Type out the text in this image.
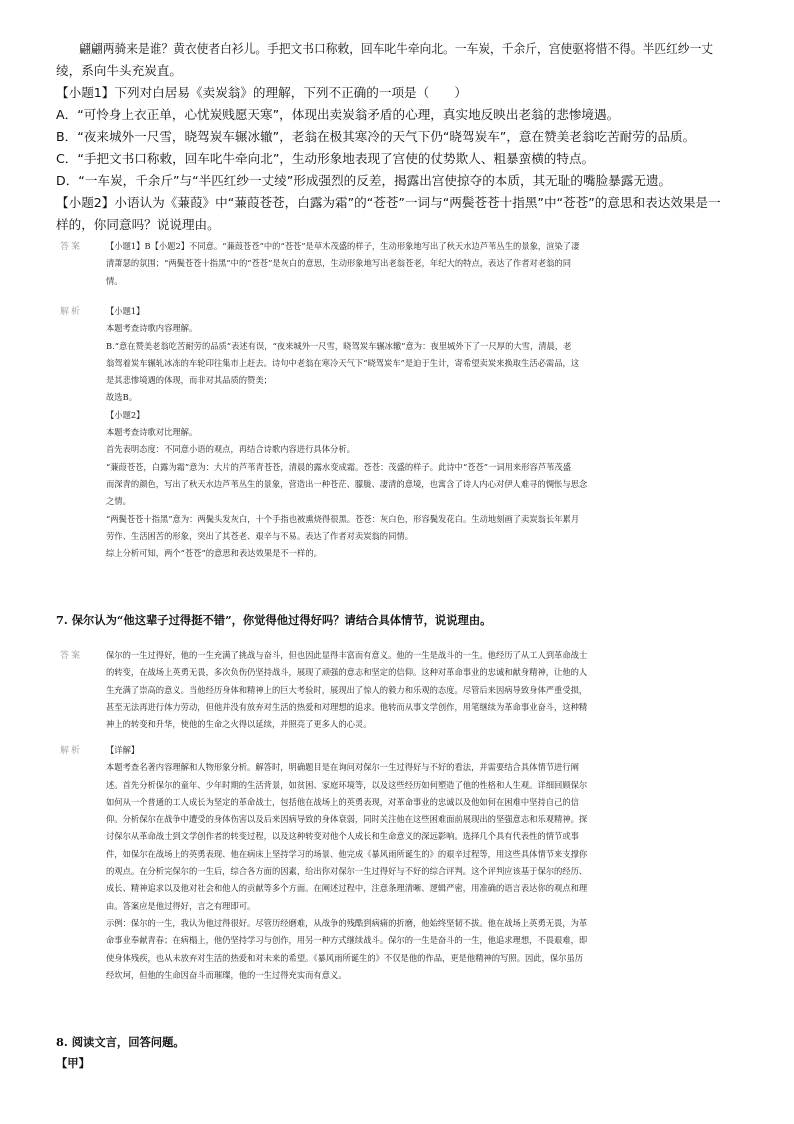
翩翩两骑来是谁？黄衣使者白衫儿。手把文书口称敕，回车叱牛牵向北。一车炭，千余斤，宫使驱将惜不得。半匹红纱一丈
绫，系向牛头充炭直。
【小题1】下列对白居易《卖炭翁》的理解，下列不正确的一项是（　　）
A．“可怜身上衣正单，心忧炭贱愿天寒”，体现出卖炭翁矛盾的心理，真实地反映出老翁的悲惨境遇。
B．“夜来城外一尺雪，晓驾炭车辗冰辙”，老翁在极其寒冷的天气下仍“晓驾炭车”，意在赞美老翁吃苦耐劳的品质。
C．“手把文书口称敕，回车叱牛牵向北”，生动形象地表现了宫使的仗势欺人、粗暴蛮横的特点。
D．“一车炭，千余斤”与“半匹红纱一丈绫”形成强烈的反差，揭露出宫使掠夺的本质，其无耻的嘴脸暴露无遗。
【小题2】小语认为《蒹葭》中“蒹葭苍苍，白露为霜”的“苍苍”一词与“两鬓苍苍十指黑”中“苍苍”的意思和表达效果是一
样的，你同意吗？说说理由。
答案	【小题1】B【小题2】不同意。“蒹葭苍苍”中的“苍苍”是草木茂盛的样子，生动形象地写出了秋天水边芦苇丛生的景象，渲染了凄
清萧瑟的氛围；“两鬓苍苍十指黑”中的“苍苍”是灰白的意思，生动形象地写出老翁苍老，年纪大的特点，表达了作者对老翁的同
情。
解析	【小题1】
本题考查诗歌内容理解。
B.“意在赞美老翁吃苦耐劳的品质”表述有误，“夜来城外一尺雪，晓驾炭车辗冰辙”意为：夜里城外下了一尺厚的大雪，清晨，老
翁驾着炭车辗轧冰冻的车轮印往集市上赶去。诗句中老翁在寒冷天气下“晓驾炭车”是迫于生计，寄希望卖炭来换取生活必需品，这
是其悲惨境遇的体现，而非对其品质的赞美；
故选B。
【小题2】
本题考查诗歌对比理解。
首先表明态度：不同意小语的观点，再结合诗歌内容进行具体分析。
“蒹葭苍苍，白露为霜”意为：大片的芦苇青苍苍，清晨的露水变成霜。苍苍：茂盛的样子。此诗中“苍苍”一词用来形容芦苇茂盛
而深青的颜色，写出了秋天水边芦苇丛生的景象，营造出一种苍茫、朦胧、凄清的意境，也寓含了诗人内心对伊人难寻的惆怅与思念
之情。
“两鬓苍苍十指黑”意为：两鬓头发灰白，十个手指也被熏烧得很黑。苍苍：灰白色，形容鬓发花白。生动地刻画了卖炭翁长年累月
劳作、生活困苦的形象，突出了其苍老、艰辛与不易。表达了作者对卖炭翁的同情。
综上分析可知，两个“苍苍”的意思和表达效果是不一样的。
7. 保尔认为“他这辈子过得挺不错”，你觉得他过得好吗？请结合具体情节，说说理由。
答案	保尔的一生过得好，他的一生充满了挑战与奋斗，但也因此显得丰富而有意义。他的一生是战斗的一生。他经历了从工人到革命战士
的转变，在战场上英勇无畏，多次负伤仍坚持战斗，展现了顽强的意志和坚定的信仰。这种对革命事业的忠诚和献身精神，让他的人
生充满了崇高的意义。当他经历身体和精神上的巨大考验时，展现出了惊人的毅力和乐观的态度。尽管后来因病导致身体严重受损，
甚至无法再进行体力劳动，但他并没有放弃对生活的热爱和对理想的追求。他转而从事文学创作，用笔继续为革命事业奋斗，这种精
神上的转变和升华，使他的生命之火得以延续，并照亮了更多人的心灵。
解析	【详解】
本题考查名著内容理解和人物形象分析。解答时，明确题目是在询问对保尔一生过得好与不好的看法，并需要结合具体情节进行阐
述。首先分析保尔的童年、少年时期的生活背景，如贫困、家庭环境等，以及这些经历如何塑造了他的性格和人生观。详细回顾保尔
如何从一个普通的工人成长为坚定的革命战士，包括他在战场上的英勇表现，对革命事业的忠诚以及他如何在困难中坚持自己的信
仰。分析保尔在战争中遭受的身体伤害以及后来因病导致的身体衰弱，同时关注他在这些困难面前展现出的坚强意志和乐观精神。探
讨保尔从革命战士到文学创作者的转变过程，以及这种转变对他个人成长和生命意义的深远影响。选择几个具有代表性的情节或事
件，如保尔在战场上的英勇表现、他在病床上坚持学习的场景、他完成《暴风雨所诞生的》的艰辛过程等，用这些具体情节来支撑你
的观点。在分析完保尔的一生后，综合各方面的因素，给出你对保尔一生过得好与不好的综合评判。这个评判应该基于保尔的经历、
成长、精神追求以及他对社会和他人的贡献等多个方面。在阐述过程中，注意条理清晰、逻辑严密，用准确的语言表达你的观点和理
由。答案应是他过得好，言之有理即可。
示例：保尔的一生，我认为他过得很好。尽管历经磨难，从战争的残酷到病痛的折磨，他始终坚韧不拔。他在战场上英勇无畏，为革
命事业奉献青春；在病榻上，他仍坚持学习与创作，用另一种方式继续战斗。保尔的一生是奋斗的一生，他追求理想，不畏艰难，即
使身体残疾，也从未放弃对生活的热爱和对未来的希望。《暴风雨所诞生的》不仅是他的作品，更是他精神的写照。因此，保尔虽历
经坎坷，但他的生命因奋斗而璀璨，他的一生过得充实而有意义。
8. 阅读文言，回答问题。
【甲】
